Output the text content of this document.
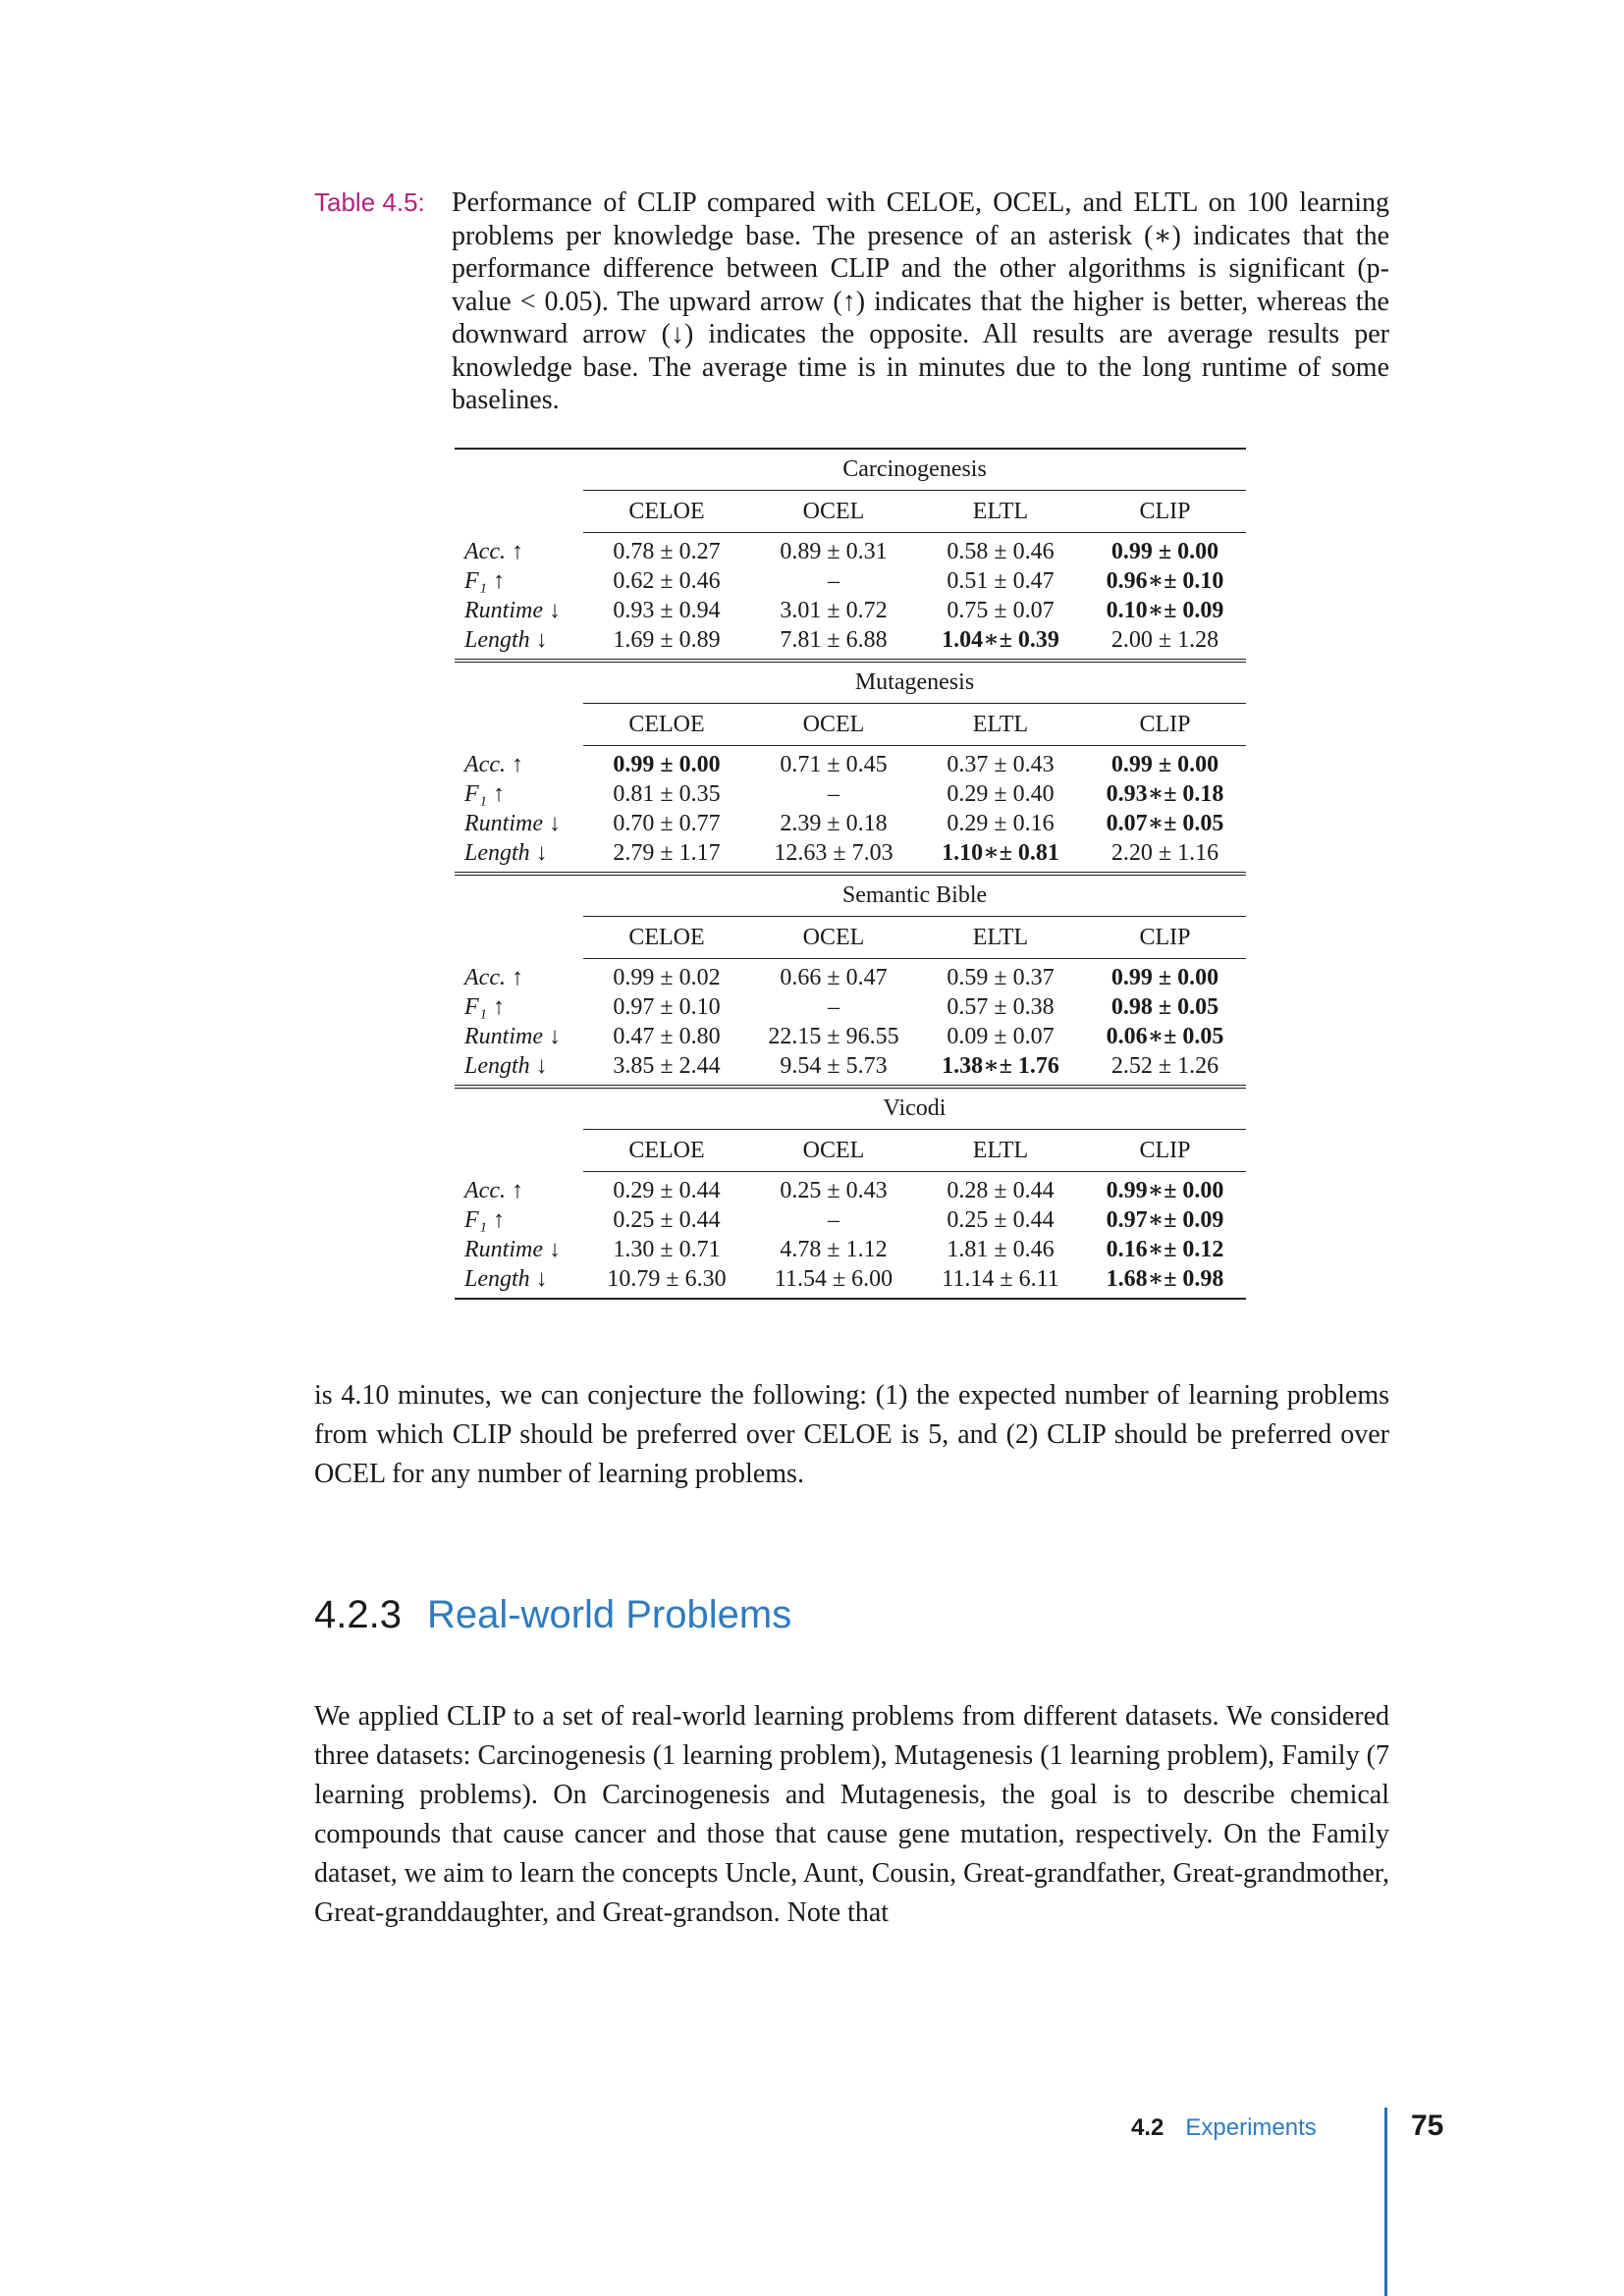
Table 4.5: Performance of CLIP compared with CELOE, OCEL, and ELTL on 100 learning problems per knowledge base. The presence of an asterisk (∗) indicates that the performance difference between CLIP and the other algorithms is significant (p-value < 0.05). The upward arrow (↑) indicates that the higher is better, whereas the downward arrow (↓) indicates the opposite. All results are average results per knowledge base. The average time is in minutes due to the long runtime of some baselines.
	Carcinogenesis			
	CELOE	OCEL	ELTL	CLIP
Acc. ↑	0.78 ± 0.27	0.89 ± 0.31	0.58 ± 0.46	0.99 ± 0.00
F₁ ↑	0.62 ± 0.46	–	0.51 ± 0.47	0.96∗± 0.10
Runtime ↓	0.93 ± 0.94	3.01 ± 0.72	0.75 ± 0.07	0.10∗± 0.09
Length ↓	1.69 ± 0.89	7.81 ± 6.88	1.04∗± 0.39	2.00 ± 1.28
	Mutagenesis			
	CELOE	OCEL	ELTL	CLIP
Acc. ↑	0.99 ± 0.00	0.71 ± 0.45	0.37 ± 0.43	0.99 ± 0.00
F₁ ↑	0.81 ± 0.35	–	0.29 ± 0.40	0.93∗± 0.18
Runtime ↓	0.70 ± 0.77	2.39 ± 0.18	0.29 ± 0.16	0.07∗± 0.05
Length ↓	2.79 ± 1.17	12.63 ± 7.03	1.10∗± 0.81	2.20 ± 1.16
	Semantic Bible			
	CELOE	OCEL	ELTL	CLIP
Acc. ↑	0.99 ± 0.02	0.66 ± 0.47	0.59 ± 0.37	0.99 ± 0.00
F₁ ↑	0.97 ± 0.10	–	0.57 ± 0.38	0.98 ± 0.05
Runtime ↓	0.47 ± 0.80	22.15 ± 96.55	0.09 ± 0.07	0.06∗± 0.05
Length ↓	3.85 ± 2.44	9.54 ± 5.73	1.38∗± 1.76	2.52 ± 1.26
	Vicodi			
	CELOE	OCEL	ELTL	CLIP
Acc. ↑	0.29 ± 0.44	0.25 ± 0.43	0.28 ± 0.44	0.99∗± 0.00
F₁ ↑	0.25 ± 0.44	–	0.25 ± 0.44	0.97∗± 0.09
Runtime ↓	1.30 ± 0.71	4.78 ± 1.12	1.81 ± 0.46	0.16∗± 0.12
Length ↓	10.79 ± 6.30	11.54 ± 6.00	11.14 ± 6.11	1.68∗± 0.98
is 4.10 minutes, we can conjecture the following: (1) the expected number of learning problems from which CLIP should be preferred over CELOE is 5, and (2) CLIP should be preferred over OCEL for any number of learning problems.
4.2.3 Real-world Problems
We applied CLIP to a set of real-world learning problems from different datasets. We considered three datasets: Carcinogenesis (1 learning problem), Mutagenesis (1 learning problem), Family (7 learning problems). On Carcinogenesis and Mutagenesis, the goal is to describe chemical compounds that cause cancer and those that cause gene mutation, respectively. On the Family dataset, we aim to learn the concepts Uncle, Aunt, Cousin, Great-grandfather, Great-grandmother, Great-granddaughter, and Great-grandson. Note that
4.2 Experiments	75
